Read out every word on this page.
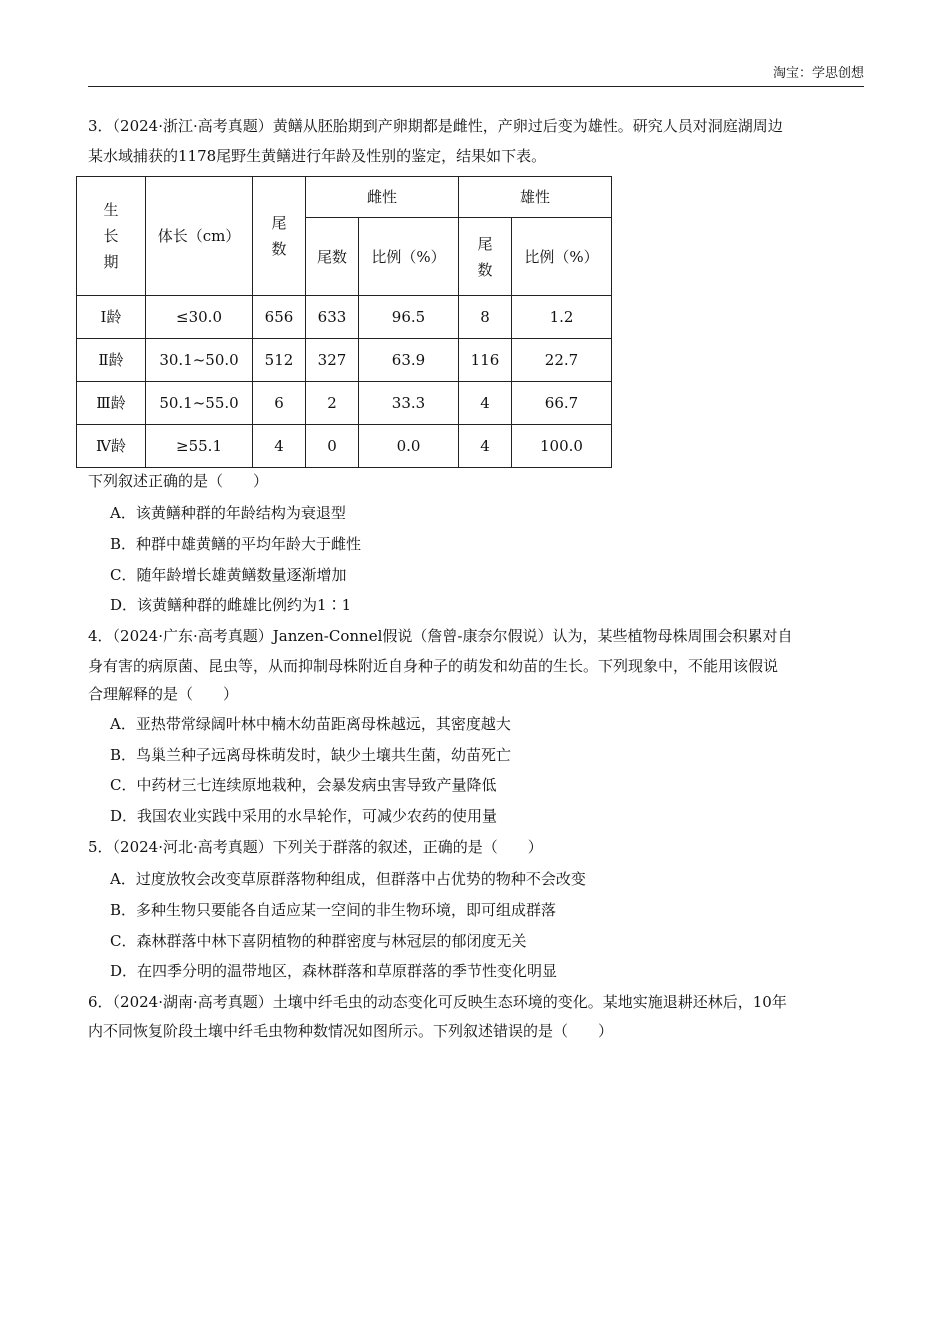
淘宝：学思创想
3．（2024·浙江·高考真题）黄鳝从胚胎期到产卵期都是雌性，产卵过后变为雄性。研究人员对洞庭湖周边
某水域捕获的1178尾野生黄鳝进行年龄及性别的鉴定，结果如下表。
生长期	体长（cm）	尾数	雌性		雄性	
			尾数	比例（%）	尾数	比例（%）
Ⅰ龄	≤30.0	656	633	96.5	8	1.2
Ⅱ龄	30.1~50.0	512	327	63.9	116	22.7
Ⅲ龄	50.1~55.0	6	2	33.3	4	66.7
Ⅳ龄	≥55.1	4	0	0.0	4	100.0
下列叙述正确的是（　　）
A．该黄鳝种群的年龄结构为衰退型
B．种群中雄黄鳝的平均年龄大于雌性
C．随年龄增长雄黄鳝数量逐渐增加
D．该黄鳝种群的雌雄比例约为1∶1
4．（2024·广东·高考真题）Janzen-Connel假说（詹曾-康奈尔假说）认为，某些植物母株周围会积累对自
身有害的病原菌、昆虫等，从而抑制母株附近自身种子的萌发和幼苗的生长。下列现象中，不能用该假说
合理解释的是（　　）
A．亚热带常绿阔叶林中楠木幼苗距离母株越远，其密度越大
B．鸟巢兰种子远离母株萌发时，缺少土壤共生菌，幼苗死亡
C．中药材三七连续原地栽种，会暴发病虫害导致产量降低
D．我国农业实践中采用的水旱轮作，可减少农药的使用量
5．（2024·河北·高考真题）下列关于群落的叙述，正确的是（　　）
A．过度放牧会改变草原群落物种组成，但群落中占优势的物种不会改变
B．多种生物只要能各自适应某一空间的非生物环境，即可组成群落
C．森林群落中林下喜阴植物的种群密度与林冠层的郁闭度无关
D．在四季分明的温带地区，森林群落和草原群落的季节性变化明显
6．（2024·湖南·高考真题）土壤中纤毛虫的动态变化可反映生态环境的变化。某地实施退耕还林后，10年
内不同恢复阶段土壤中纤毛虫物种数情况如图所示。下列叙述错误的是（　　）
